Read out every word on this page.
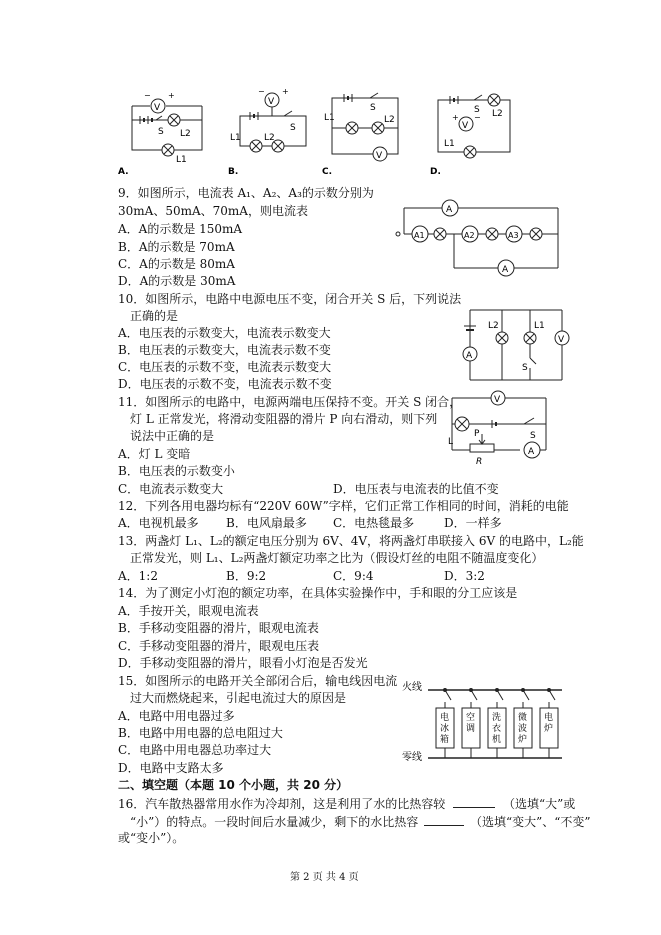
V
+
−
S L2
L1
A.
V
− +
L1	L2
S
B.
S
L1	L2
V
C.
S L2
V
+ −
L1
D.
9．如图所示，电流表 A₁、A₂、A₃的示数分别为
30mA、50mA、70mA，则电流表
A．A的示数是 150mA
B．A的示数是 70mA
C．A的示数是 80mA
D．A的示数是 30mA
A
A1	A2	A3
A
10．如图所示，电路中电源电压不变，闭合开关 S 后，下列说法
正确的是
A．电压表的示数变大，电流表示数变大
B．电压表的示数变大，电流表示数不变
C．电压表的示数不变，电流表示数变大
D．电压表的示数不变，电流表示数不变
A
L2	L1
S
V
11．如图所示的电路中，电源两端电压保持不变。开关 S 闭合，
灯 L 正常发光，将滑动变阻器的滑片 P 向右滑动，则下列
说法中正确的是
A．灯 L 变暗
B．电压表的示数变小
C．电流表示数变大	D．电压表与电流表的比值不变
V
L
S
P
R
A
12．下列各用电器均标有“220V 60W”字样，它们正常工作相同的时间，消耗的电能
A．电视机最多 B．电风扇最多 C．电热毯最多 D．一样多
13．两盏灯 L₁、L₂的额定电压分别为 6V、4V，将两盏灯串联接入 6V 的电路中，L₂能
正常发光，则 L₁、L₂两盏灯额定功率之比为（假设灯丝的电阻不随温度变化）
A．1:2	B．9:2	C．9:4	D．3:2
14．为了测定小灯泡的额定功率，在具体实验操作中，手和眼的分工应该是
A．手按开关，眼观电流表
B．手移动变阻器的滑片，眼观电流表
C．手移动变阻器的滑片，眼观电压表
D．手移动变阻器的滑片，眼看小灯泡是否发光
15．如图所示的电路开关全部闭合后，输电线因电流
过大而燃烧起来，引起电流过大的原因是
A．电路中用电器过多
B．电路中用电器的总电阻过大
C．电路中用电器总功率过大
D．电路中支路太多
火线
零线
电
冰
箱
空
调
洗
衣
机
微
波
炉
电
炉
二、填空题（本题 10 个小题，共 20 分）
16．汽车散热器常用水作为冷却剂，这是利用了水的比热容较	（选填“大”或
“小”）的特点。一段时间后水量减少，剩下的水比热容	（选填“变大”、“不变”
或“变小”）。
第 2 页 共 4 页
